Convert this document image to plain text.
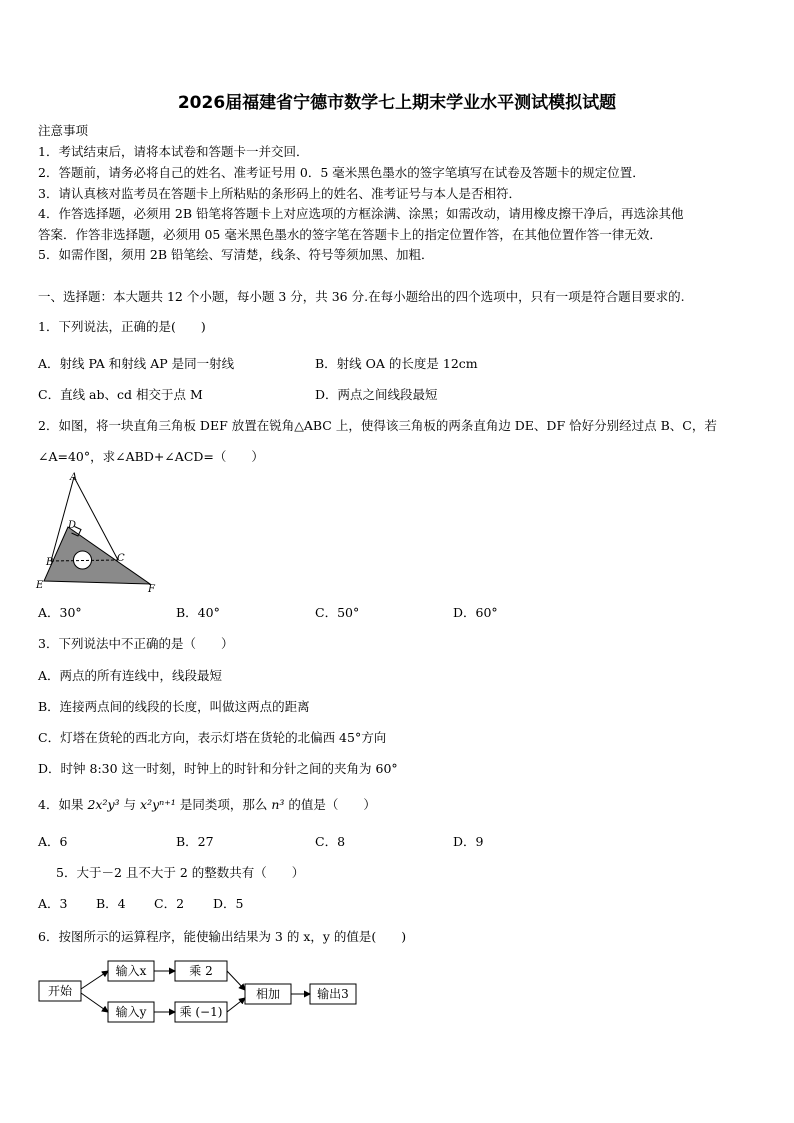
2026届福建省宁德市数学七上期末学业水平测试模拟试题
注意事项
1．考试结束后，请将本试卷和答题卡一并交回．
2．答题前，请务必将自己的姓名、准考证号用 0．5 毫米黑色墨水的签字笔填写在试卷及答题卡的规定位置．
3．请认真核对监考员在答题卡上所粘贴的条形码上的姓名、准考证号与本人是否相符．
4．作答选择题，必须用 2B 铅笔将答题卡上对应选项的方框涂满、涂黑；如需改动，请用橡皮擦干净后，再选涂其他
答案．作答非选择题，必须用 05 毫米黑色墨水的签字笔在答题卡上的指定位置作答，在其他位置作答一律无效．
5．如需作图，须用 2B 铅笔绘、写清楚，线条、符号等须加黑、加粗．
一、选择题：本大题共 12 个小题，每小题 3 分，共 36 分.在每小题给出的四个选项中，只有一项是符合题目要求的.
1．下列说法，正确的是(　　)
A．射线 PA 和射线 AP 是同一射线	B．射线 OA 的长度是 12cm
C．直线 ab、cd 相交于点 M	D．两点之间线段最短
2．如图，将一块直角三角板 DEF 放置在锐角△ABC 上，使得该三角板的两条直角边 DE、DF 恰好分别经过点 B、C，若
∠A=40°，求∠ABD+∠ACD=（　　）
A
D
B	C
E	F
A．30°	B．40°	C．50°	D．60°
3．下列说法中不正确的是（　　）
A．两点的所有连线中，线段最短
B．连接两点间的线段的长度，叫做这两点的距离
C．灯塔在货轮的西北方向，表示灯塔在货轮的北偏西 45°方向
D．时钟 8:30 这一时刻，时钟上的时针和分针之间的夹角为 60°
4．如果 2x²y³ 与 x²yⁿ⁺¹ 是同类项，那么 n³ 的值是（　　）
A．6	B．27	C．8	D．9
5．大于－2 且不大于 2 的整数共有（　　）
A．3 B．4 C．2 D．5
6．按图所示的运算程序，能使输出结果为 3 的 x，y 的值是(　　)
开始
输入x
输入y
乘 2
乘 (−1)
相加	输出3
